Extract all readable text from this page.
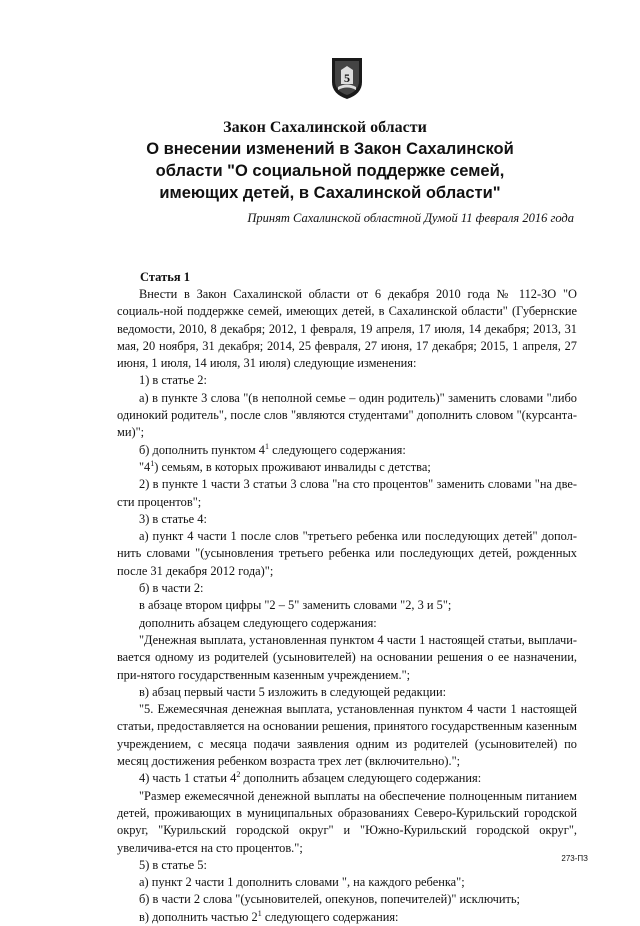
5
Закон Сахалинской области
О внесении изменений в Закон Сахалинской
области "О социальной поддержке семей,
имеющих детей, в Сахалинской области"
Принят Сахалинской областной Думой 11 февраля 2016 года
Статья 1

Внести в Закон Сахалинской области от 6 декабря 2010 года № 112-ЗО "О социаль-ной поддержке семей, имеющих детей, в Сахалинской области" (Губернские ведомости, 2010, 8 декабря; 2012, 1 февраля, 19 апреля, 17 июля, 14 декабря; 2013, 31 мая, 20 ноября, 31 декабря; 2014, 25 февраля, 27 июня, 17 декабря; 2015, 1 апреля, 27 июня, 1 июля, 14 июля, 31 июля) следующие изменения:

1) в статье 2:

а) в пункте 3 слова "(в неполной семье – один родитель)" заменить словами "либо одинокий родитель", после слов "являются студентами" дополнить словом "(курсанта-ми)";

б) дополнить пунктом $4^1$ следующего содержания:

"$4^1$) семьям, в которых проживают инвалиды с детства;

2) в пункте 1 части 3 статьи 3 слова "на сто процентов" заменить словами "на две-сти процентов";

3) в статье 4:

а) пункт 4 части 1 после слов "третьего ребенка или последующих детей" допол-нить словами "(усыновления третьего ребенка или последующих детей, рожденных после 31 декабря 2012 года)";

б) в части 2:

в абзаце втором цифры "2 – 5" заменить словами "2, 3 и 5";

дополнить абзацем следующего содержания:

"Денежная выплата, установленная пунктом 4 части 1 настоящей статьи, выплачи-вается одному из родителей (усыновителей) на основании решения о ее назначении, при-нятого государственным казенным учреждением.";

в) абзац первый части 5 изложить в следующей редакции:

"5. Ежемесячная денежная выплата, установленная пунктом 4 части 1 настоящей статьи, предоставляется на основании решения, принятого государственным казенным учреждением, с месяца подачи заявления одним из родителей (усыновителей) по месяц достижения ребенком возраста трех лет (включительно).";

4) часть 1 статьи $4^2$ дополнить абзацем следующего содержания:

"Размер ежемесячной денежной выплаты на обеспечение полноценным питанием детей, проживающих в муниципальных образованиях Северо-Курильский городской округ, "Курильский городской округ" и "Южно-Курильский городской округ", увеличива-ется на сто процентов.";

5) в статье 5:

а) пункт 2 части 1 дополнить словами ", на каждого ребенка";

б) в части 2 слова "(усыновителей, опекунов, попечителей)" исключить;

в) дополнить частью $2^1$ следующего содержания:

273-ПЗ
